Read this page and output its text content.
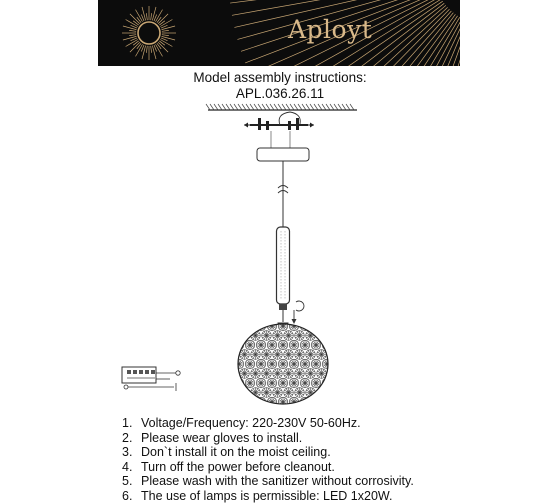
Aployt
Model assembly instructions:
APL.036.26.11
1. Voltage/Frequency: 220-230V 50-60Hz.
2. Please wear gloves to install.
3. Don`t install it on the moist ceiling.
4. Turn off the power before cleanout.
5. Please wash with the sanitizer without corrosivity.
6. The use of lamps is permissible: LED 1x20W.
